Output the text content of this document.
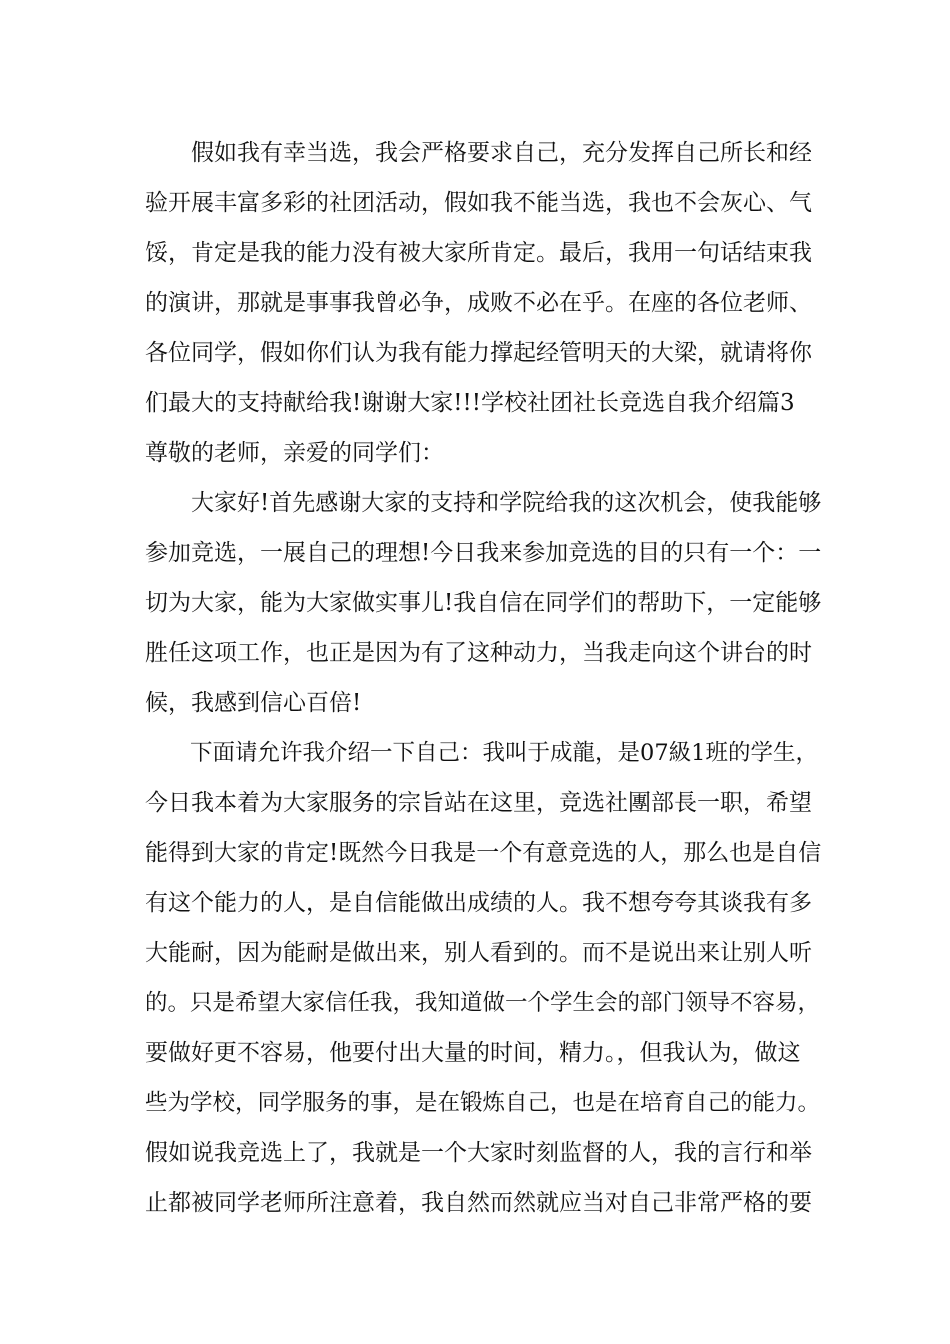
　　假如我有幸当选，我会严格要求自己，充分发挥自己所长和经
验开展丰富多彩的社团活动，假如我不能当选，我也不会灰心、气
馁，肯定是我的能力没有被大家所肯定。最后，我用一句话结束我
的演讲，那就是事事我曾必争，成败不必在乎。在座的各位老师、
各位同学，假如你们认为我有能力撑起经管明天的大梁，就请将你
们最大的支持献给我!谢谢大家!!!学校社团社长竞选自我介绍篇3
尊敬的老师，亲爱的同学们：
　　大家好!首先感谢大家的支持和学院给我的这次机会，使我能够
参加竞选，一展自己的理想!今日我来参加竞选的目的只有一个：一
切为大家，能为大家做实事儿!我自信在同学们的帮助下，一定能够
胜任这项工作，也正是因为有了这种动力，当我走向这个讲台的时
候，我感到信心百倍!
　　下面请允许我介绍一下自己：我叫于成龍，是07級1班的学生，
今日我本着为大家服务的宗旨站在这里，竞选社團部長一职，希望
能得到大家的肯定!既然今日我是一个有意竞选的人，那么也是自信
有这个能力的人，是自信能做出成绩的人。我不想夸夸其谈我有多
大能耐，因为能耐是做出来，别人看到的。而不是说出来让别人听
的。只是希望大家信任我，我知道做一个学生会的部门领导不容易，
要做好更不容易，他要付出大量的时间，精力。，但我认为，做这
些为学校，同学服务的事，是在锻炼自己，也是在培育自己的能力。
假如说我竞选上了，我就是一个大家时刻监督的人，我的言行和举
止都被同学老师所注意着，我自然而然就应当对自己非常严格的要
